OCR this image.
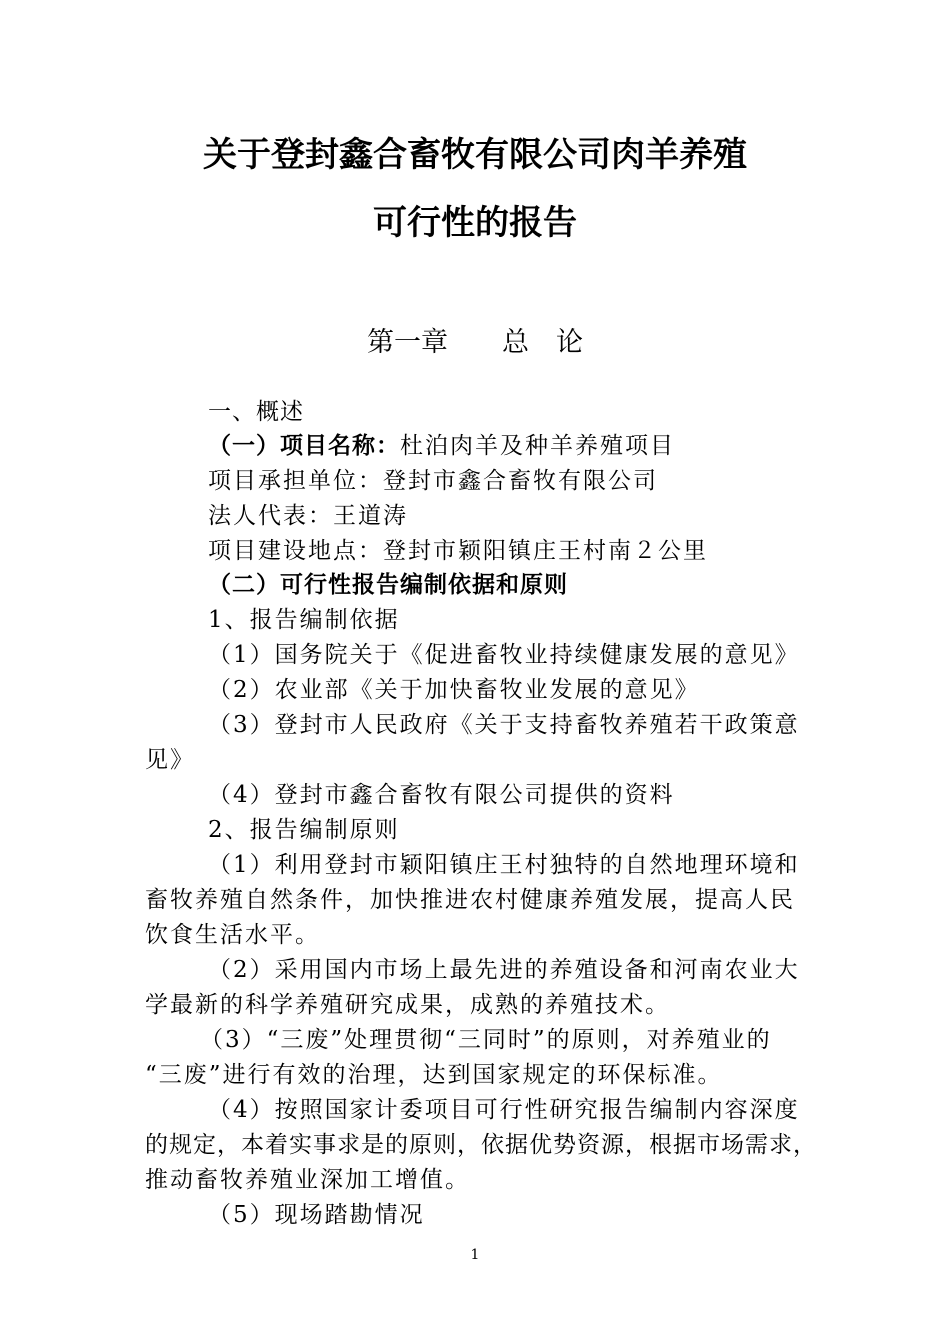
关于登封鑫合畜牧有限公司肉羊养殖
可行性的报告
第一章　　总　论
一、概述
（一）项目名称：杜泊肉羊及种羊养殖项目
项目承担单位：登封市鑫合畜牧有限公司
法人代表：王道涛
项目建设地点：登封市颖阳镇庄王村南２公里
（二）可行性报告编制依据和原则
1、报告编制依据
（1）国务院关于《促进畜牧业持续健康发展的意见》
（2）农业部《关于加快畜牧业发展的意见》
（3）登封市人民政府《关于支持畜牧养殖若干政策意
见》
（4）登封市鑫合畜牧有限公司提供的资料
2、报告编制原则
（1）利用登封市颖阳镇庄王村独特的自然地理环境和
畜牧养殖自然条件，加快推进农村健康养殖发展，提高人民
饮食生活水平。
（2）采用国内市场上最先进的养殖设备和河南农业大
学最新的科学养殖研究成果，成熟的养殖技术。
（3）“三废”处理贯彻“三同时”的原则，对养殖业的
“三废”进行有效的治理，达到国家规定的环保标准。
（4）按照国家计委项目可行性研究报告编制内容深度
的规定，本着实事求是的原则，依据优势资源，根据市场需求，
推动畜牧养殖业深加工增值。
（5）现场踏勘情况
1
